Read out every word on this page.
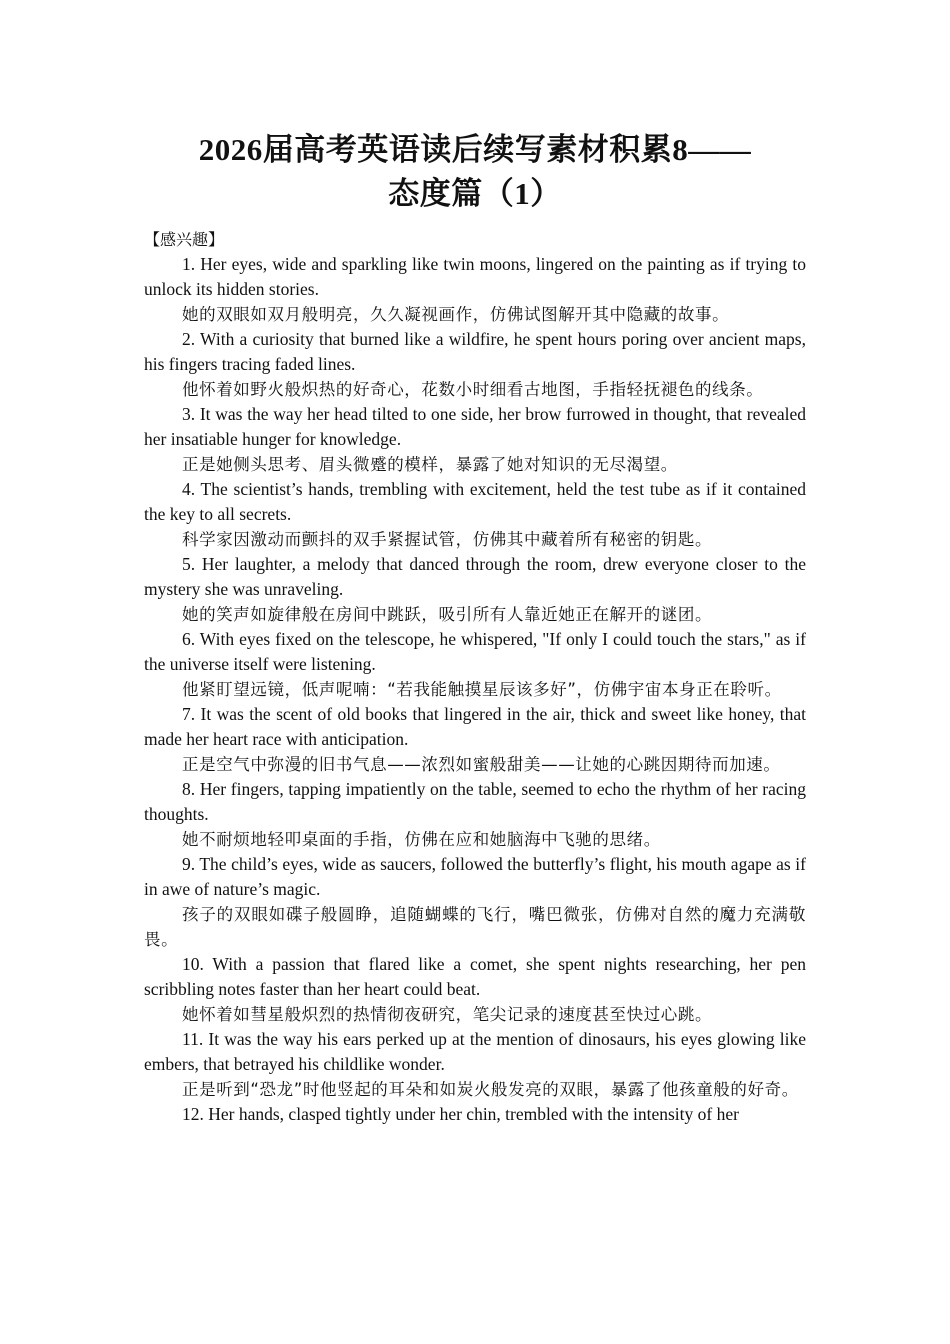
2026届高考英语读后续写素材积累8——
态度篇（1）

【感兴趣】

1. Her eyes, wide and sparkling like twin moons, lingered on the painting as if trying to unlock its hidden stories.

她的双眼如双月般明亮，久久凝视画作，仿佛试图解开其中隐藏的故事。

2. With a curiosity that burned like a wildfire, he spent hours poring over ancient maps, his fingers tracing faded lines.

他怀着如野火般炽热的好奇心，花数小时细看古地图，手指轻抚褪色的线条。

3. It was the way her head tilted to one side, her brow furrowed in thought, that revealed her insatiable hunger for knowledge.

正是她侧头思考、眉头微蹙的模样，暴露了她对知识的无尽渴望。

4. The scientist’s hands, trembling with excitement, held the test tube as if it contained the key to all secrets.

科学家因激动而颤抖的双手紧握试管，仿佛其中藏着所有秘密的钥匙。

5. Her laughter, a melody that danced through the room, drew everyone closer to the mystery she was unraveling.

她的笑声如旋律般在房间中跳跃，吸引所有人靠近她正在解开的谜团。

6. With eyes fixed on the telescope, he whispered, "If only I could touch the stars," as if the universe itself were listening.

他紧盯望远镜，低声呢喃：“若我能触摸星辰该多好”，仿佛宇宙本身正在聆听。

7. It was the scent of old books that lingered in the air, thick and sweet like honey, that made her heart race with anticipation.

正是空气中弥漫的旧书气息——浓烈如蜜般甜美——让她的心跳因期待而加速。

8. Her fingers, tapping impatiently on the table, seemed to echo the rhythm of her racing thoughts.

她不耐烦地轻叩桌面的手指，仿佛在应和她脑海中飞驰的思绪。

9. The child’s eyes, wide as saucers, followed the butterfly’s flight, his mouth agape as if in awe of nature’s magic.

孩子的双眼如碟子般圆睁，追随蝴蝶的飞行，嘴巴微张，仿佛对自然的魔力充满敬畏。

10. With a passion that flared like a comet, she spent nights researching, her pen scribbling notes faster than her heart could beat.

她怀着如彗星般炽烈的热情彻夜研究，笔尖记录的速度甚至快过心跳。

11. It was the way his ears perked up at the mention of dinosaurs, his eyes glowing like embers, that betrayed his childlike wonder.

正是听到“恐龙”时他竖起的耳朵和如炭火般发亮的双眼，暴露了他孩童般的好奇。

12. Her hands, clasped tightly under her chin, trembled with the intensity of her
